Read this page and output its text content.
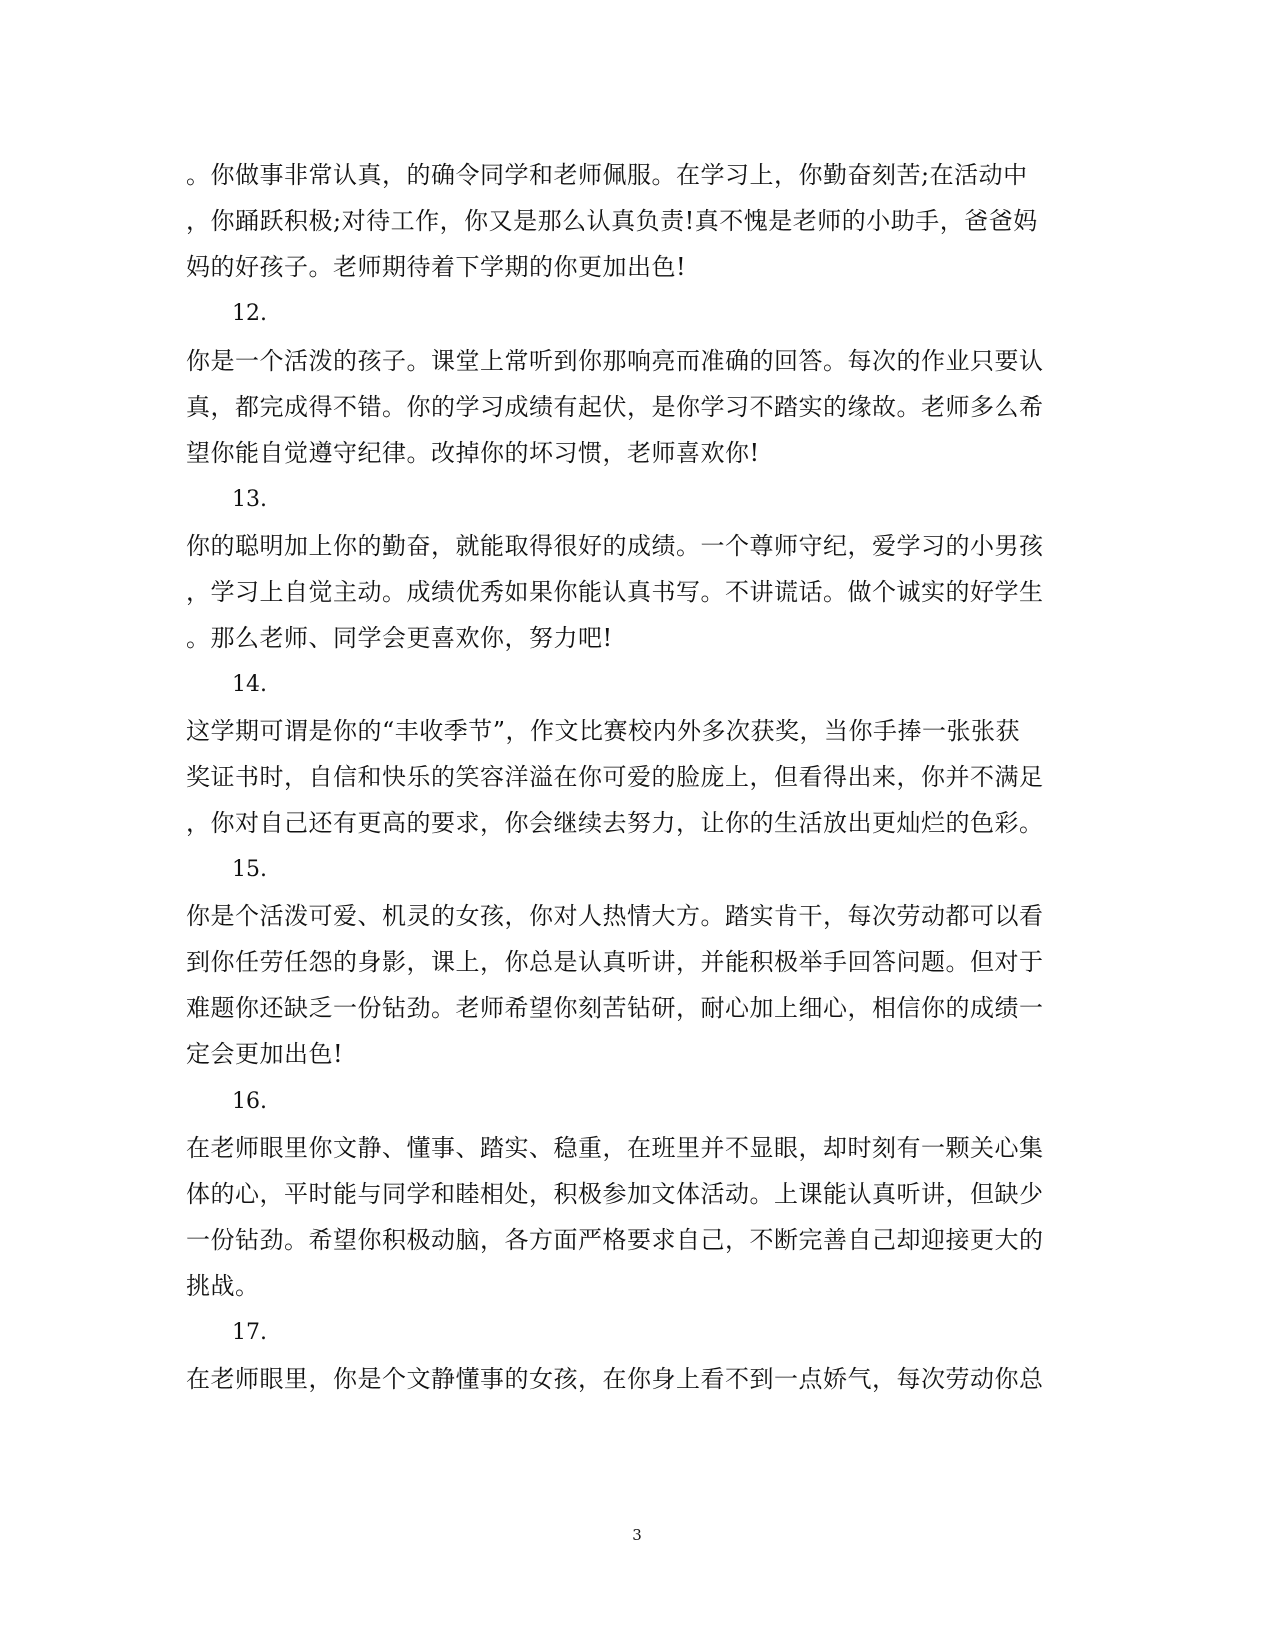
。你做事非常认真，的确令同学和老师佩服。在学习上，你勤奋刻苦;在活动中
，你踊跃积极;对待工作，你又是那么认真负责!真不愧是老师的小助手，爸爸妈
妈的好孩子。老师期待着下学期的你更加出色!
12.
你是一个活泼的孩子。课堂上常听到你那响亮而准确的回答。每次的作业只要认
真，都完成得不错。你的学习成绩有起伏，是你学习不踏实的缘故。老师多么希
望你能自觉遵守纪律。改掉你的坏习惯，老师喜欢你!
13.
你的聪明加上你的勤奋，就能取得很好的成绩。一个尊师守纪，爱学习的小男孩
，学习上自觉主动。成绩优秀如果你能认真书写。不讲谎话。做个诚实的好学生
。那么老师、同学会更喜欢你，努力吧!
14.
这学期可谓是你的“丰收季节”，作文比赛校内外多次获奖，当你手捧一张张获
奖证书时，自信和快乐的笑容洋溢在你可爱的脸庞上，但看得出来，你并不满足
，你对自己还有更高的要求，你会继续去努力，让你的生活放出更灿烂的色彩。
15.
你是个活泼可爱、机灵的女孩，你对人热情大方。踏实肯干，每次劳动都可以看
到你任劳任怨的身影，课上，你总是认真听讲，并能积极举手回答问题。但对于
难题你还缺乏一份钻劲。老师希望你刻苦钻研，耐心加上细心，相信你的成绩一
定会更加出色!
16.
在老师眼里你文静、懂事、踏实、稳重，在班里并不显眼，却时刻有一颗关心集
体的心，平时能与同学和睦相处，积极参加文体活动。上课能认真听讲，但缺少
一份钻劲。希望你积极动脑，各方面严格要求自己，不断完善自己却迎接更大的
挑战。
17.
在老师眼里，你是个文静懂事的女孩，在你身上看不到一点娇气，每次劳动你总
3
